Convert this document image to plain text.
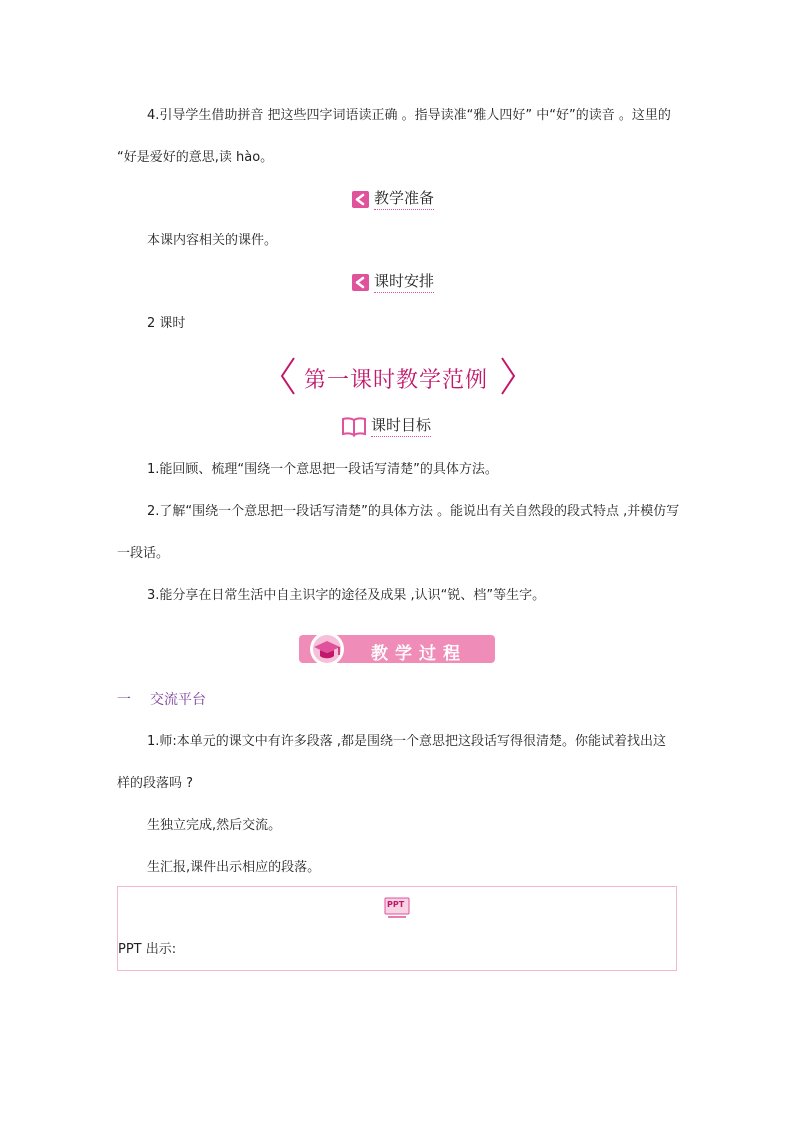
4.引导学生借助拼音 把这些四字词语读正确 。指导读准“雅人四好” 中“好”的读音 。这里的
“好是爱好的意思,读 hào。
教学准备
本课内容相关的课件。
课时安排
2 课时
第一课时教学范例
课时目标
1.能回顾、梳理“围绕一个意思把一段话写清楚”的具体方法。
2.了解“围绕一个意思把一段话写清楚”的具体方法 。能说出有关自然段的段式特点 ,并模仿写
一段话。
3.能分享在日常生活中自主识字的途径及成果 ,认识“锐、档”等生字。
教学过程
一 交流平台
1.师:本单元的课文中有许多段落 ,都是围绕一个意思把这段话写得很清楚。你能试着找出这
样的段落吗 ?
生独立完成,然后交流。
生汇报,课件出示相应的段落。
PPT
PPT 出示:
